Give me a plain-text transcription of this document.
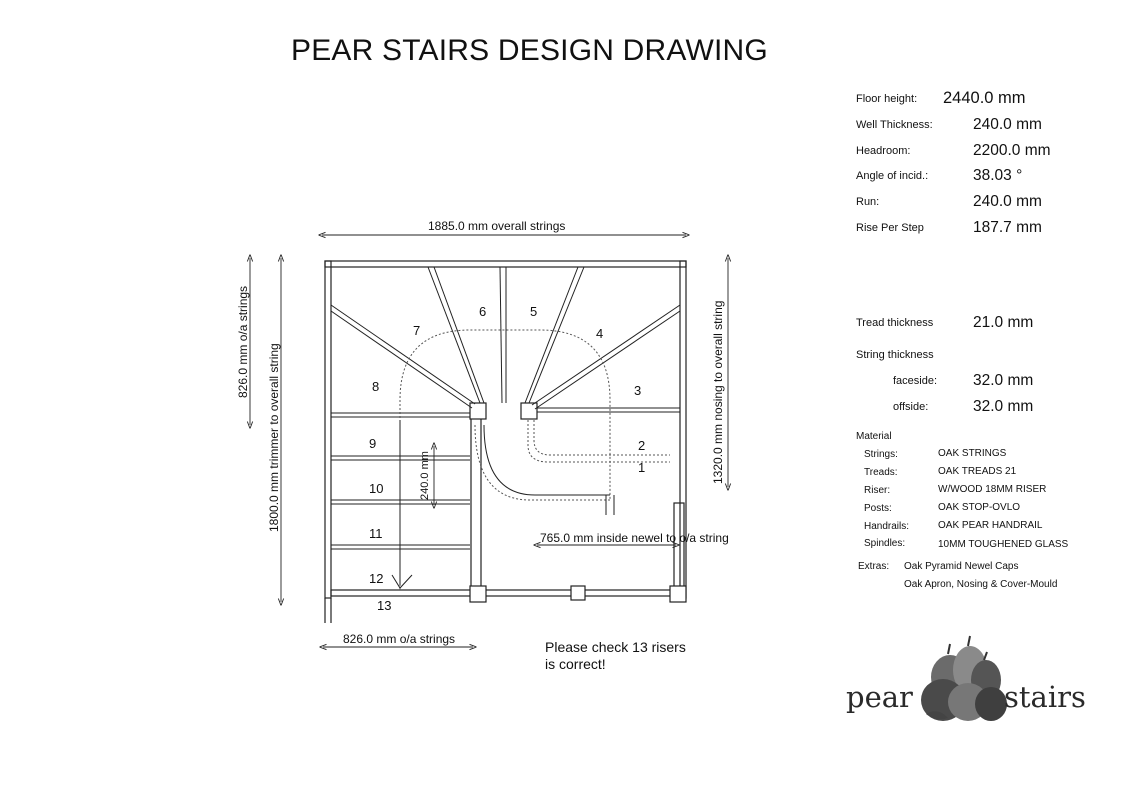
PEAR STAIRS DESIGN DRAWING
Floor height: 2440.0 mm
Well Thickness:	240.0 mm
Headroom:	2200.0 mm
Angle of incid.:	38.03 °
Run:	240.0 mm
Rise Per Step	187.7 mm
Tread thickness	21.0 mm
String thickness
faceside: 32.0 mm
offside:	32.0 mm
Material
Strings:	OAK STRINGS
Treads:	OAK TREADS 21
Riser:	W/WOOD 18MM RISER
Posts:	OAK STOP-OVLO
Handrails:	OAK PEAR HANDRAIL
Spindles:	10MM TOUGHENED GLASS
Extras: Oak Pyramid Newel Caps
Oak Apron, Nosing & Cover-Mould
1885.0 mm overall strings
826.0 mm o/a strings
1800.0 mm trimmer to overall string	1320.0 mm nosing to overall string
826.0 mm o/a strings
765.0 mm inside newel to o/a string
240.0 mm	1
2
3
4
5
6
7
8
9
10
11
12
13
Please check 13 risers
is correct!
pear	stairs
